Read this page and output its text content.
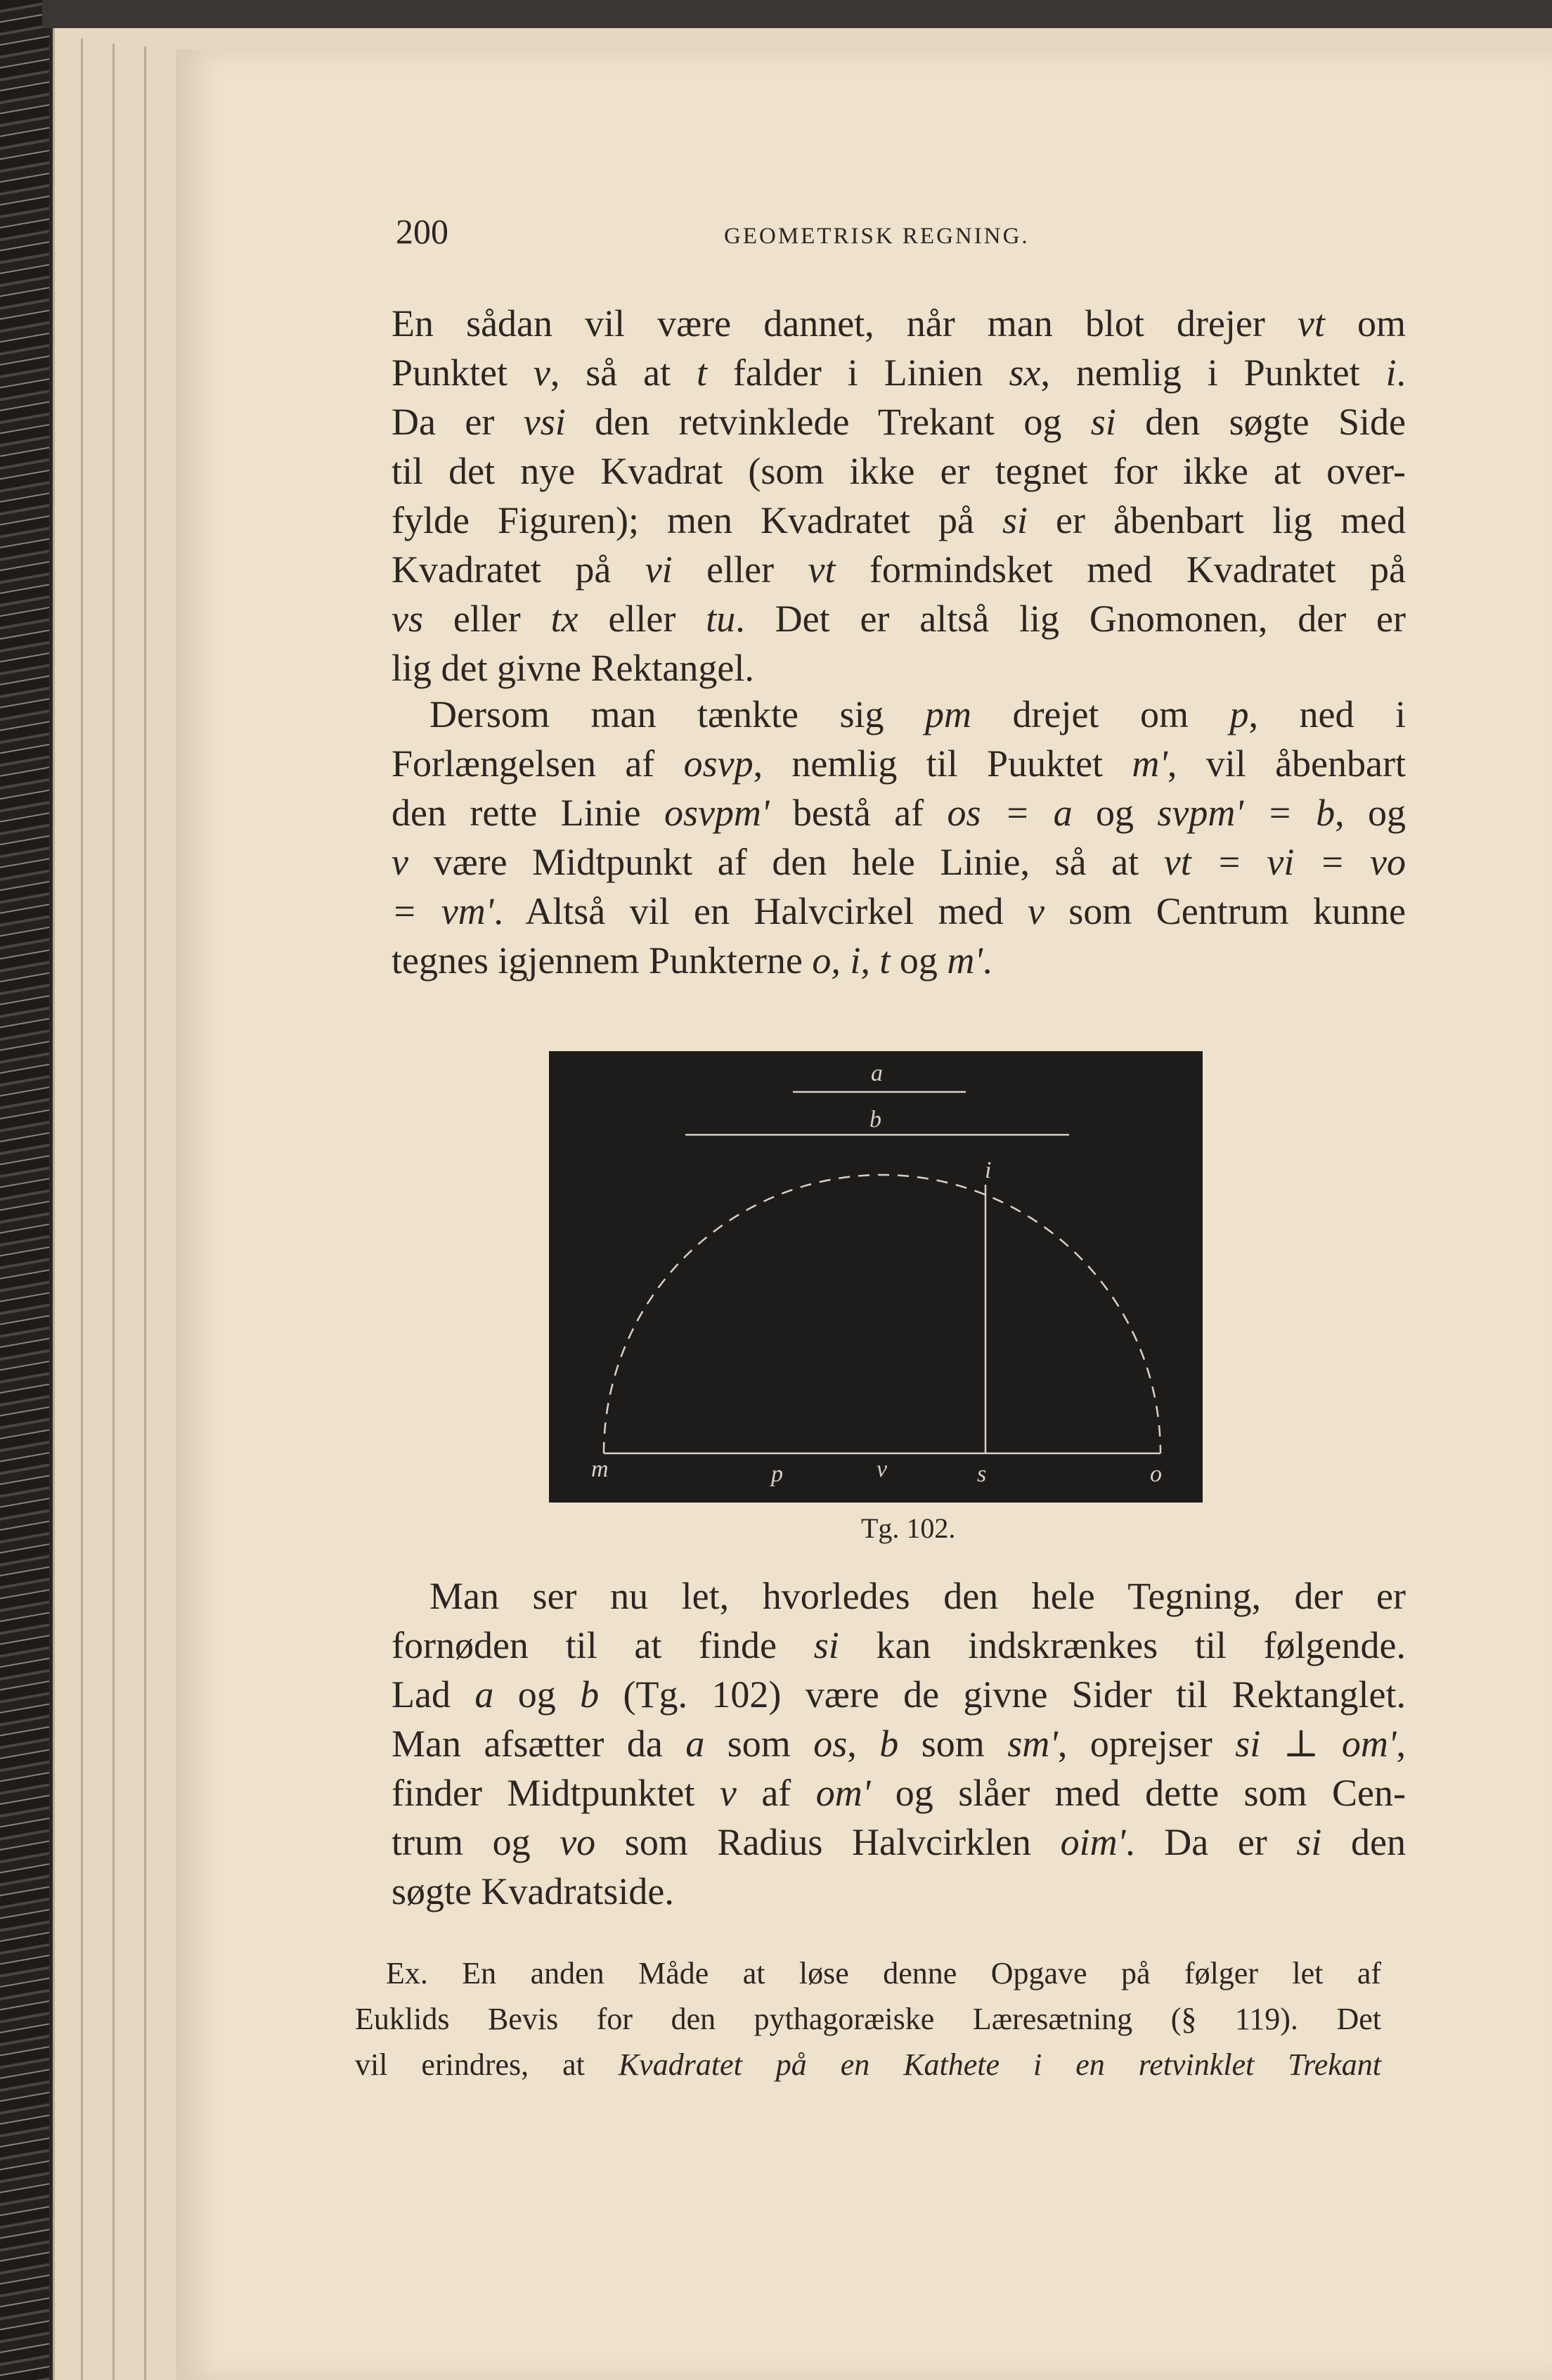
200	GEOMETRISK REGNING.
En sådan vil være dannet, når man blot drejer vt om
Punktet v, så at t falder i Linien sx, nemlig i Punktet i.
Da er vsi den retvinklede Trekant og si den søgte Side
til det nye Kvadrat (som ikke er tegnet for ikke at over-
fylde Figuren); men Kvadratet på si er åbenbart lig med
Kvadratet på vi eller vt formindsket med Kvadratet på
vs eller tx eller tu. Det er altså lig Gnomonen, der er
lig det givne Rektangel.
 Dersom man tænkte sig pm drejet om p, ned i
Forlængelsen af osvp, nemlig til Puuktet m', vil åbenbart
den rette Linie osvpm' bestå af os = a og svpm' = b, og
v være Midtpunkt af den hele Linie, så at vt = vi = vo
= vm'. Altså vil en Halvcirkel med v som Centrum kunne
tegnes igjennem Punkterne o, i, t og m'.
 Man ser nu let, hvorledes den hele Tegning, der er
fornøden til at finde si kan indskrænkes til følgende.
Lad a og b (Tg. 102) være de givne Sider til Rektanglet.
Man afsætter da a som os, b som sm', oprejser si ⊥ om',
finder Midtpunktet v af om' og slåer med dette som Cen-
trum og vo som Radius Halvcirklen oim'. Da er si den
søgte Kvadratside.
 Ex. En anden Måde at løse denne Opgave på følger let af
Euklids Bevis for den pythagoræiske Læresætning (§ 119). Det
vil erindres, at Kvadratet på en Kathete i en retvinklet Trekant
a
b
i
m	p	v	s	o
Tg. 102.
